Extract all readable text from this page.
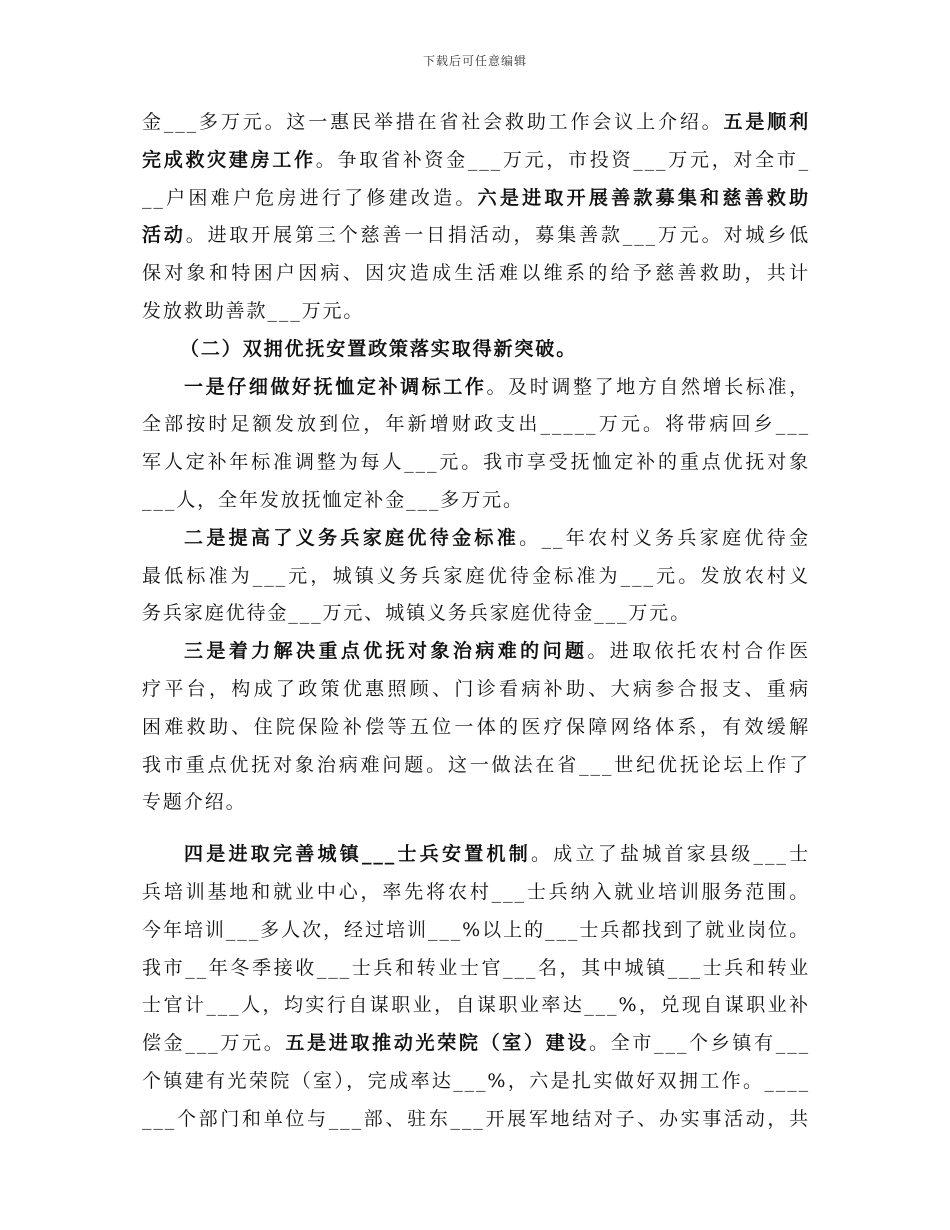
下载后可任意编辑
金___多万元。这一惠民举措在省社会救助工作会议上介绍。五是顺利
完成救灾建房工作。争取省补资金___万元，市投资___万元，对全市_
__户困难户危房进行了修建改造。六是进取开展善款募集和慈善救助
活动。进取开展第三个慈善一日捐活动，募集善款___万元。对城乡低
保对象和特困户因病、因灾造成生活难以维系的给予慈善救助，共计
发放救助善款___万元。
（二）双拥优抚安置政策落实取得新突破。
一是仔细做好抚恤定补调标工作。及时调整了地方自然增长标准，
全部按时足额发放到位，年新增财政支出_____万元。将带病回乡___
军人定补年标准调整为每人___元。我市享受抚恤定补的重点优抚对象
___人，全年发放抚恤定补金___多万元。
二是提高了义务兵家庭优待金标准。__年农村义务兵家庭优待金
最低标准为___元，城镇义务兵家庭优待金标准为___元。发放农村义
务兵家庭优待金___万元、城镇义务兵家庭优待金___万元。
三是着力解决重点优抚对象治病难的问题。进取依托农村合作医
疗平台，构成了政策优惠照顾、门诊看病补助、大病参合报支、重病
困难救助、住院保险补偿等五位一体的医疗保障网络体系，有效缓解
我市重点优抚对象治病难问题。这一做法在省___世纪优抚论坛上作了
专题介绍。
四是进取完善城镇___士兵安置机制。成立了盐城首家县级___士
兵培训基地和就业中心，率先将农村___士兵纳入就业培训服务范围。
今年培训___多人次，经过培训___%以上的___士兵都找到了就业岗位。
我市__年冬季接收___士兵和转业士官___名，其中城镇___士兵和转业
士官计___人，均实行自谋职业，自谋职业率达___%，兑现自谋职业补
偿金___万元。五是进取推动光荣院（室）建设。全市___个乡镇有___
个镇建有光荣院（室），完成率达___%，六是扎实做好双拥工作。____
___个部门和单位与___部、驻东___开展军地结对子、办实事活动，共
